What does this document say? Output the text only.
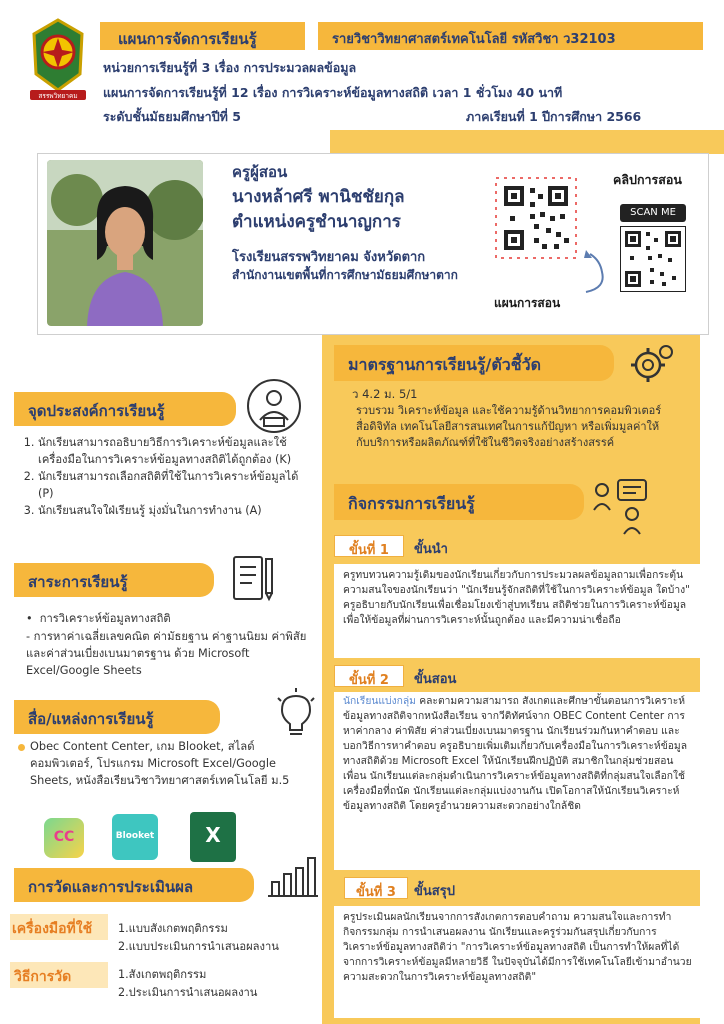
สรรพวิทยาคม
แผนการจัดการเรียนรู้	รายวิชาวิทยาศาสตร์เทคโนโลยี รหัสวิชา ว32103
หน่วยการเรียนรู้ที่ 3 เรื่อง การประมวลผลข้อมูล
แผนการจัดการเรียนรู้ที่ 12 เรื่อง การวิเคราะห์ข้อมูลทางสถิติ เวลา 1 ชั่วโมง 40 นาที
ระดับชั้นมัธยมศึกษาปีที่ 5	ภาคเรียนที่ 1 ปีการศึกษา 2566
ครูผู้สอน
นางหล้าศรี พานิชชัยกุล
ตำแหน่งครูชำนาญการ
โรงเรียนสรรพวิทยาคม จังหวัดตาก
สำนักงานเขตพื้นที่การศึกษามัธยมศึกษาตาก
แผนการสอน
คลิปการสอน
SCAN ME
มาตรฐานการเรียนรู้/ตัวชี้วัด
ว 4.2 ม. 5/1
รวบรวม วิเคราะห์ข้อมูล และใช้ความรู้ด้านวิทยาการคอมพิวเตอร์ สื่อดิจิทัล เทคโนโลยีสารสนเทศในการแก้ปัญหา หรือเพิ่มมูลค่าให้กับบริการหรือผลิตภัณฑ์ที่ใช้ในชีวิตจริงอย่างสร้างสรรค์
กิจกรรมการเรียนรู้
ขั้นที่ 1	ขั้นนำ
ครูทบทวนความรู้เดิมของนักเรียนเกี่ยวกับการประมวลผลข้อมูลถามเพื่อกระตุ้นความสนใจของนักเรียนว่า "นักเรียนรู้จักสถิติที่ใช้ในการวิเคราะห์ข้อมูล ใดบ้าง" ครูอธิบายกับนักเรียนเพื่อเชื่อมโยงเข้าสู่บทเรียน สถิติช่วยในการวิเคราะห์ข้อมูลเพื่อให้ข้อมูลที่ผ่านการวิเคราะห์นั้นถูกต้อง และมีความน่าเชื่อถือ
ขั้นที่ 2	ขั้นสอน
นักเรียนแบ่งกลุ่ม คละตามความสามารถ สังเกตและศึกษาขั้นตอนการวิเคราะห์ข้อมูลทางสถิติจากหนังสือเรียน จากวีดิทัศน์จาก OBEC Content Center การหาค่ากลาง ค่าพิสัย ค่าส่วนเบี่ยงเบนมาตรฐาน นักเรียนร่วมกันหาคำตอบ และบอกวิธีการหาคำตอบ ครูอธิบายเพิ่มเติมเกี่ยวกับเครื่องมือในการวิเคราะห์ข้อมูลทางสถิติด้วย Microsoft Excel ให้นักเรียนฝึกปฏิบัติ สมาชิกในกลุ่มช่วยสอนเพื่อน นักเรียนแต่ละกลุ่มดำเนินการวิเคราะห์ข้อมูลทางสถิติที่กลุ่มสนใจเลือกใช้เครื่องมือที่ถนัด นักเรียนแต่ละกลุ่มแบ่งงานกัน เปิดโอกาสให้นักเรียนวิเคราะห์ข้อมูลทางสถิติ โดยครูอำนวยความสะดวกอย่างใกล้ชิด
ขั้นที่ 3	ขั้นสรุป
ครูประเมินผลนักเรียนจากการสังเกตการตอบคำถาม ความสนใจและการทำกิจกรรมกลุ่ม การนำเสนอผลงาน นักเรียนและครูร่วมกันสรุปเกี่ยวกับการวิเคราะห์ข้อมูลทางสถิติว่า "การวิเคราะห์ข้อมูลทางสถิติ เป็นการทำให้ผลที่ได้จากการวิเคราะห์ข้อมูลมีหลายวิธี ในปัจจุบันได้มีการใช้เทคโนโลยีเข้ามาอำนวยความสะดวกในการวิเคราะห์ข้อมูลทางสถิติ"
จุดประสงค์การเรียนรู้
1. นักเรียนสามารถอธิบายวิธีการวิเคราะห์ข้อมูลและใช้เครื่องมือในการวิเคราะห์ข้อมูลทางสถิติได้ถูกต้อง (K)
2. นักเรียนสามารถเลือกสถิติที่ใช้ในการวิเคราะห์ข้อมูลได้ (P)
3. นักเรียนสนใจใฝ่เรียนรู้ มุ่งมั่นในการทำงาน (A)
สาระการเรียนรู้
•  การวิเคราะห์ข้อมูลทางสถิติ
- การหาค่าเฉลี่ยเลขคณิต ค่ามัธยฐาน ค่าฐานนิยม ค่าพิสัย และค่าส่วนเบี่ยงเบนมาตรฐาน ด้วย Microsoft Excel/Google Sheets
สื่อ/แหล่งการเรียนรู้
Obec Content Center, เกม Blooket, สไลด์คอมพิวเตอร์, โปรแกรม Microsoft Excel/Google Sheets, หนังสือเรียนวิชาวิทยาศาสตร์เทคโนโลยี ม.5
CC	Blooket	X
การวัดและการประเมินผล
เครื่องมือที่ใช้ 1.แบบสังเกตพฤติกรรม
2.แบบประเมินการนำเสนอผลงาน
วิธีการวัด	1.สังเกตพฤติกรรม
2.ประเมินการนำเสนอผลงาน
